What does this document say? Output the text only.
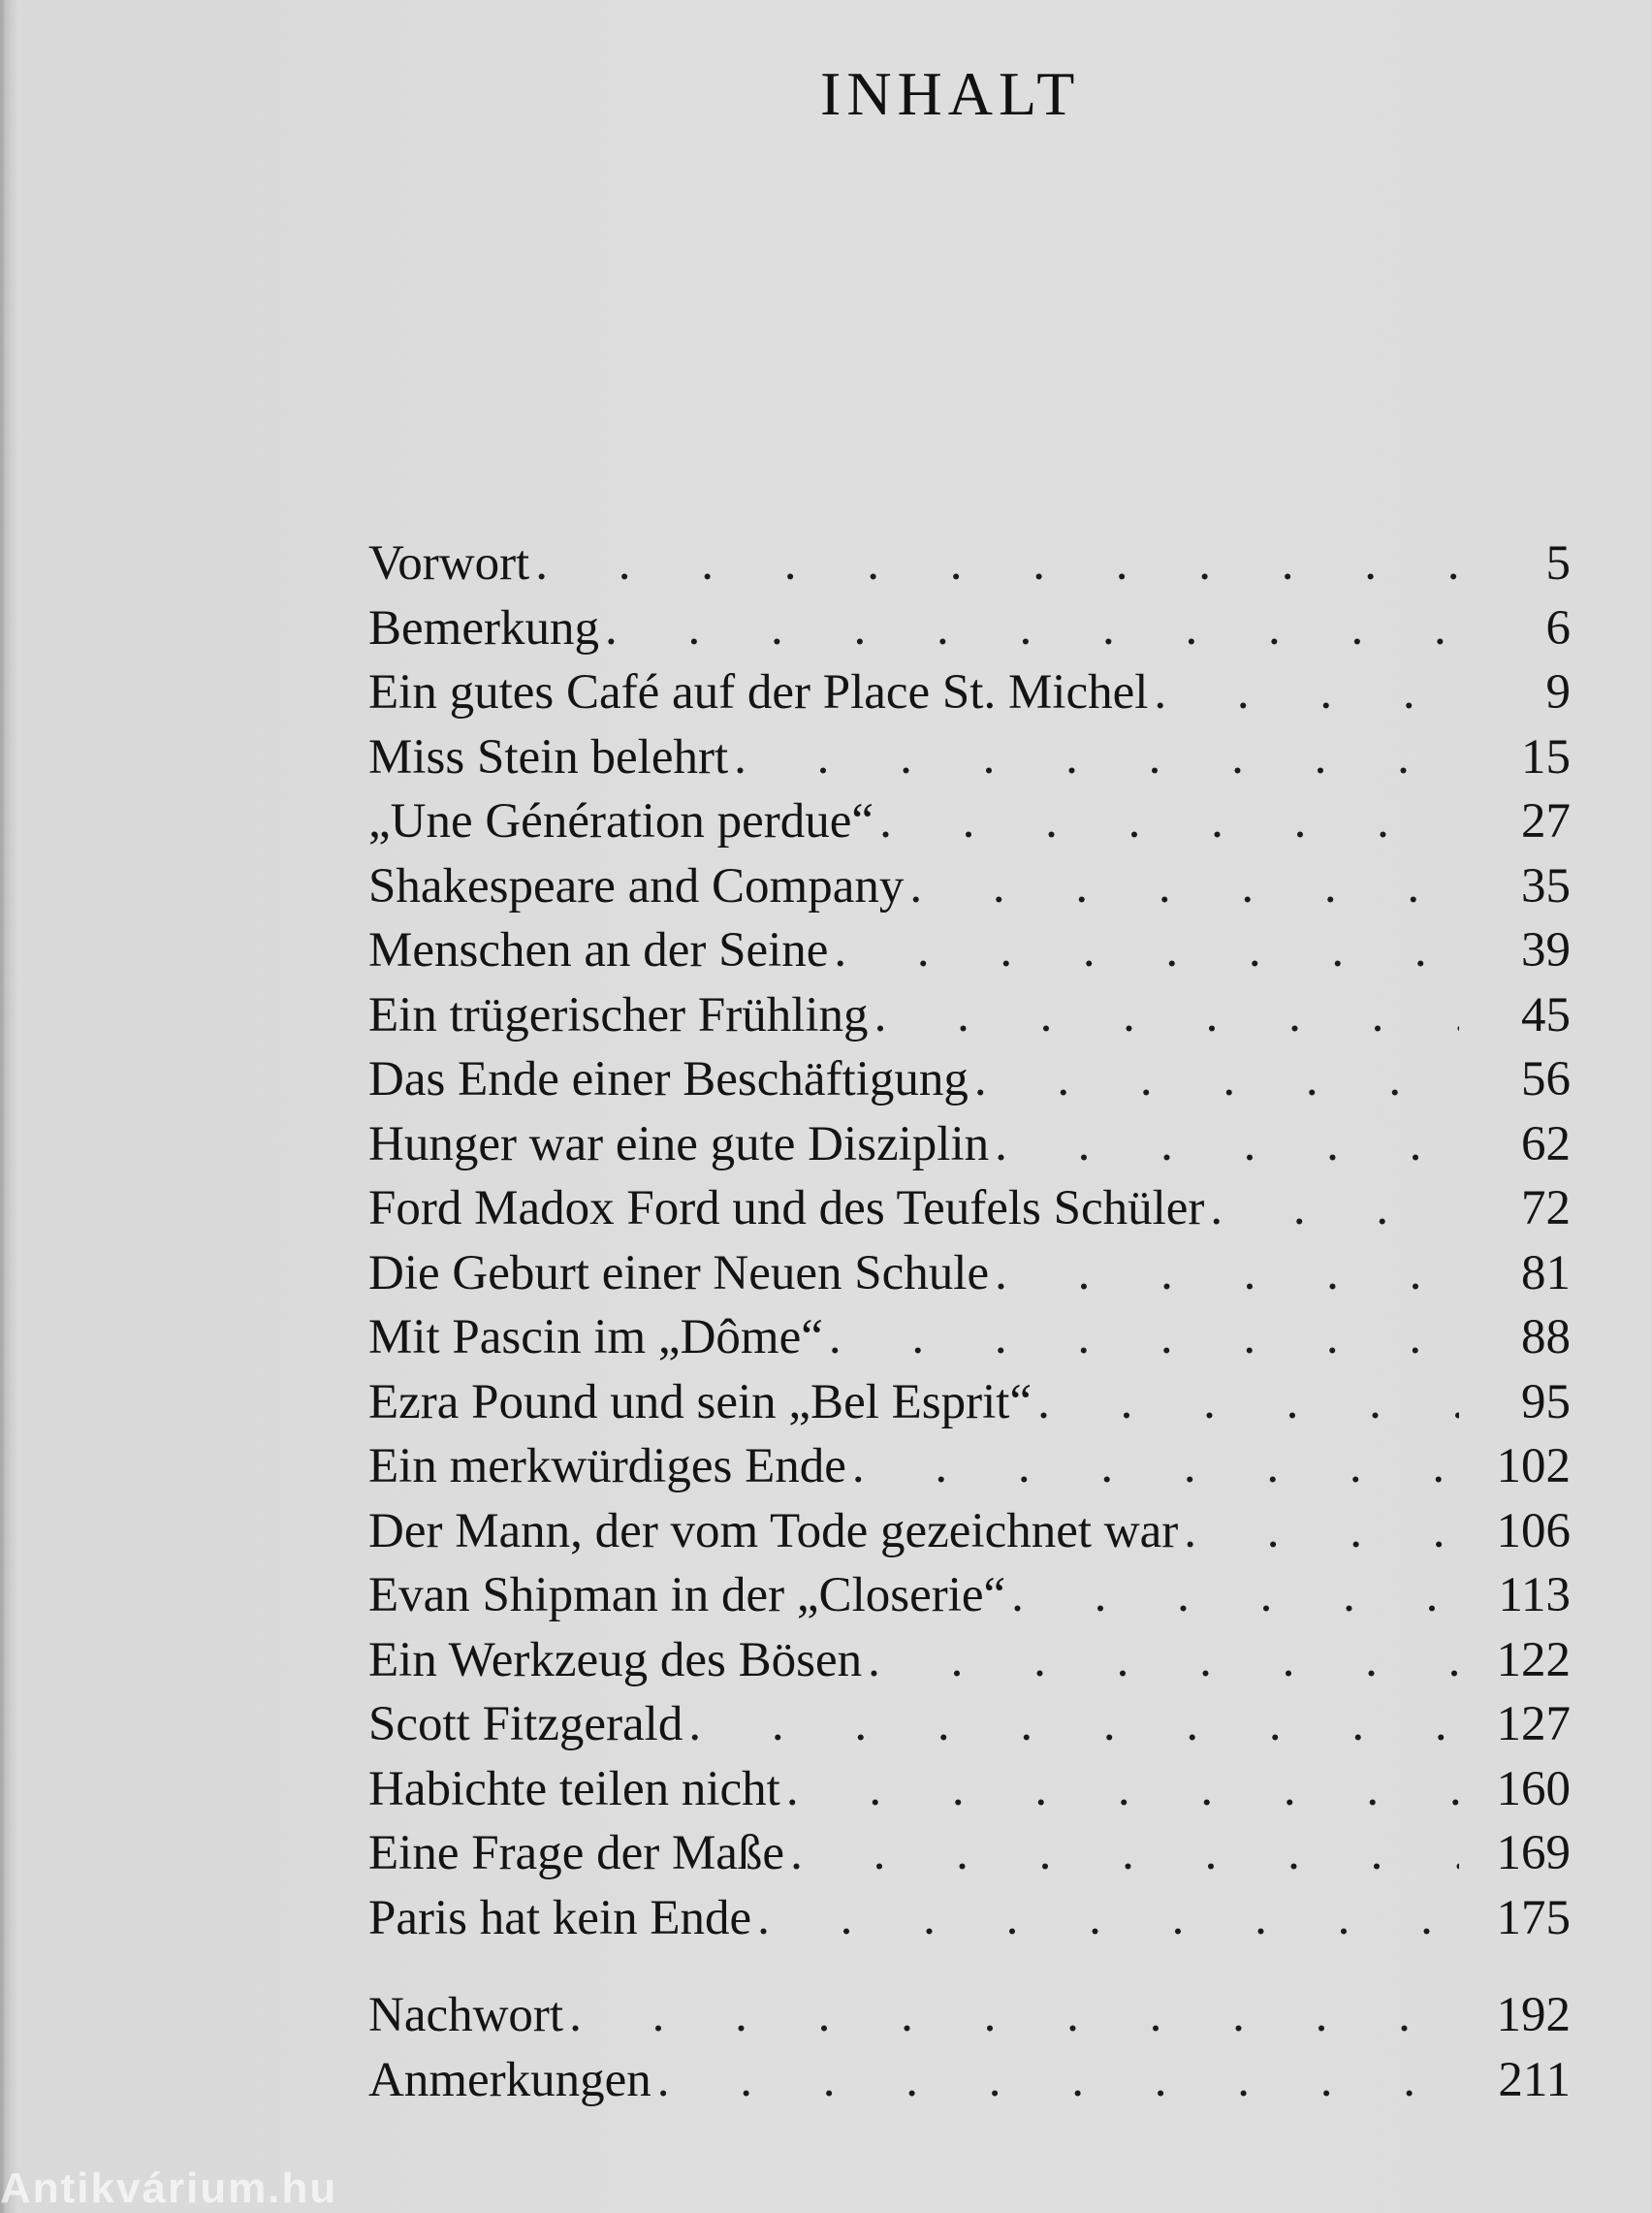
INHALT
Vorwort . . .	5
Bemerkung . . .	6
Ein gutes Café auf der Place St. Michel . . .	9
Miss Stein belehrt . . .	15
„Une Génération perdue“ . . .	27
Shakespeare and Company . . .	35
Menschen an der Seine . . .	39
Ein trügerischer Frühling . . .	45
Das Ende einer Beschäftigung . . .	56
Hunger war eine gute Disziplin . . .	62
Ford Madox Ford und des Teufels Schüler . . .	72
Die Geburt einer Neuen Schule . . .	81
Mit Pascin im „Dôme“ . . .	88
Ezra Pound und sein „Bel Esprit“ . . .	95
Ein merkwürdiges Ende . . .	102
Der Mann, der vom Tode gezeichnet war . . .	106
Evan Shipman in der „Closerie“ . . .	113
Ein Werkzeug des Bösen . . .	122
Scott Fitzgerald . . .	127
Habichte teilen nicht . . .	160
Eine Frage der Maße . . .	169
Paris hat kein Ende . . .	175
Nachwort . . .	192
Anmerkungen . . .	211
Antikvárium.hu
